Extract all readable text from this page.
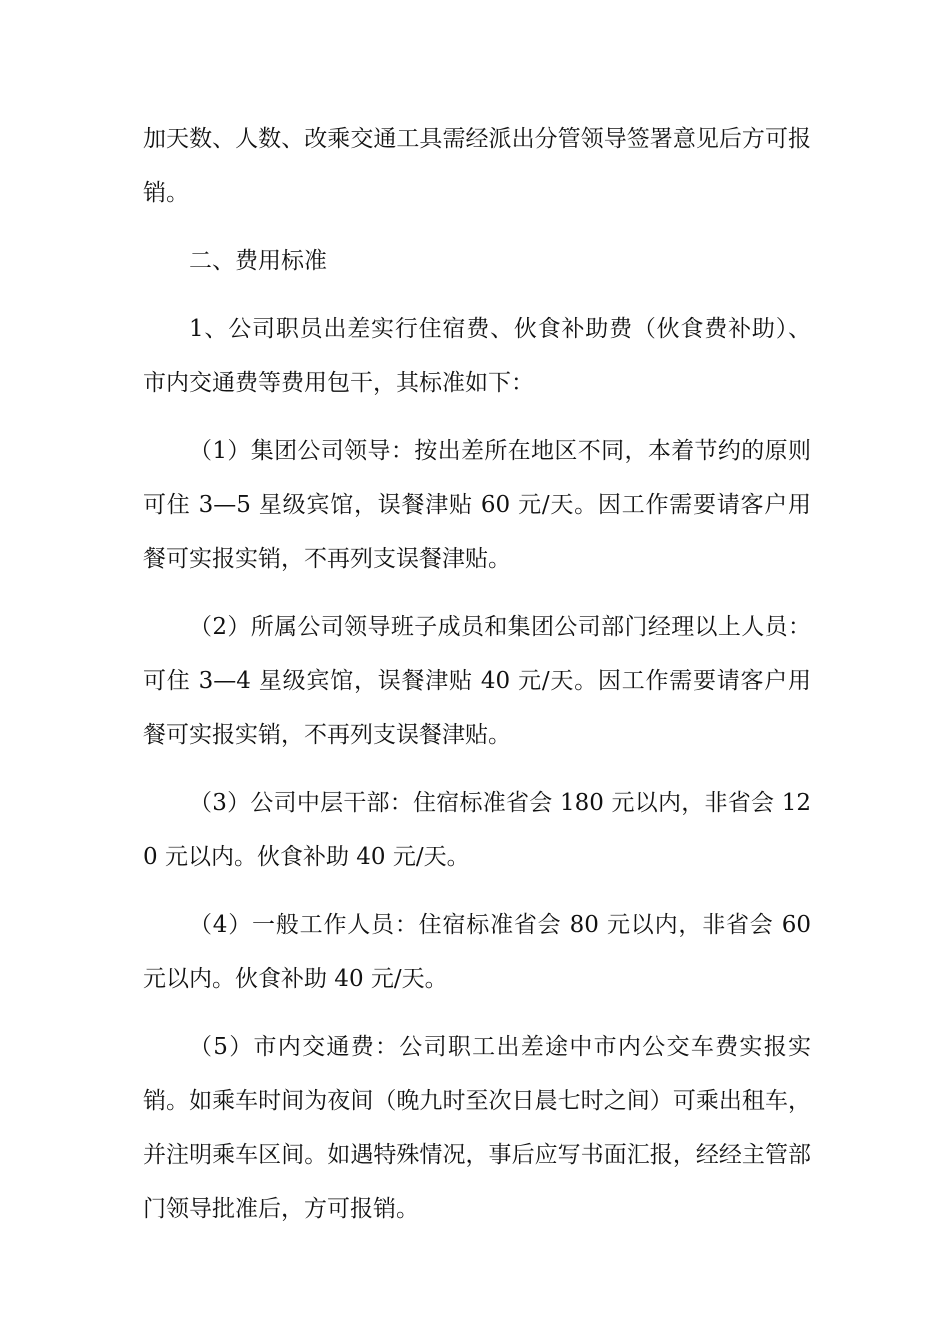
加天数、人数、改乘交通工具需经派出分管领导签署意见后方可报销。

二、费用标准

1、公司职员出差实行住宿费、伙食补助费（伙食费补助）、市内交通费等费用包干，其标准如下：

（1）集团公司领导：按出差所在地区不同，本着节约的原则可住 3—5 星级宾馆，误餐津贴 60 元/天。因工作需要请客户用餐可实报实销，不再列支误餐津贴。

（2）所属公司领导班子成员和集团公司部门经理以上人员：可住 3—4 星级宾馆，误餐津贴 40 元/天。因工作需要请客户用餐可实报实销，不再列支误餐津贴。

（3）公司中层干部：住宿标准省会 180 元以内，非省会 120 元以内。伙食补助 40 元/天。

（4）一般工作人员：住宿标准省会 80 元以内，非省会 60 元以内。伙食补助 40 元/天。

（5）市内交通费：公司职工出差途中市内公交车费实报实销。如乘车时间为夜间（晚九时至次日晨七时之间）可乘出租车，并注明乘车区间。如遇特殊情况，事后应写书面汇报，经经主管部门领导批准后，方可报销。
